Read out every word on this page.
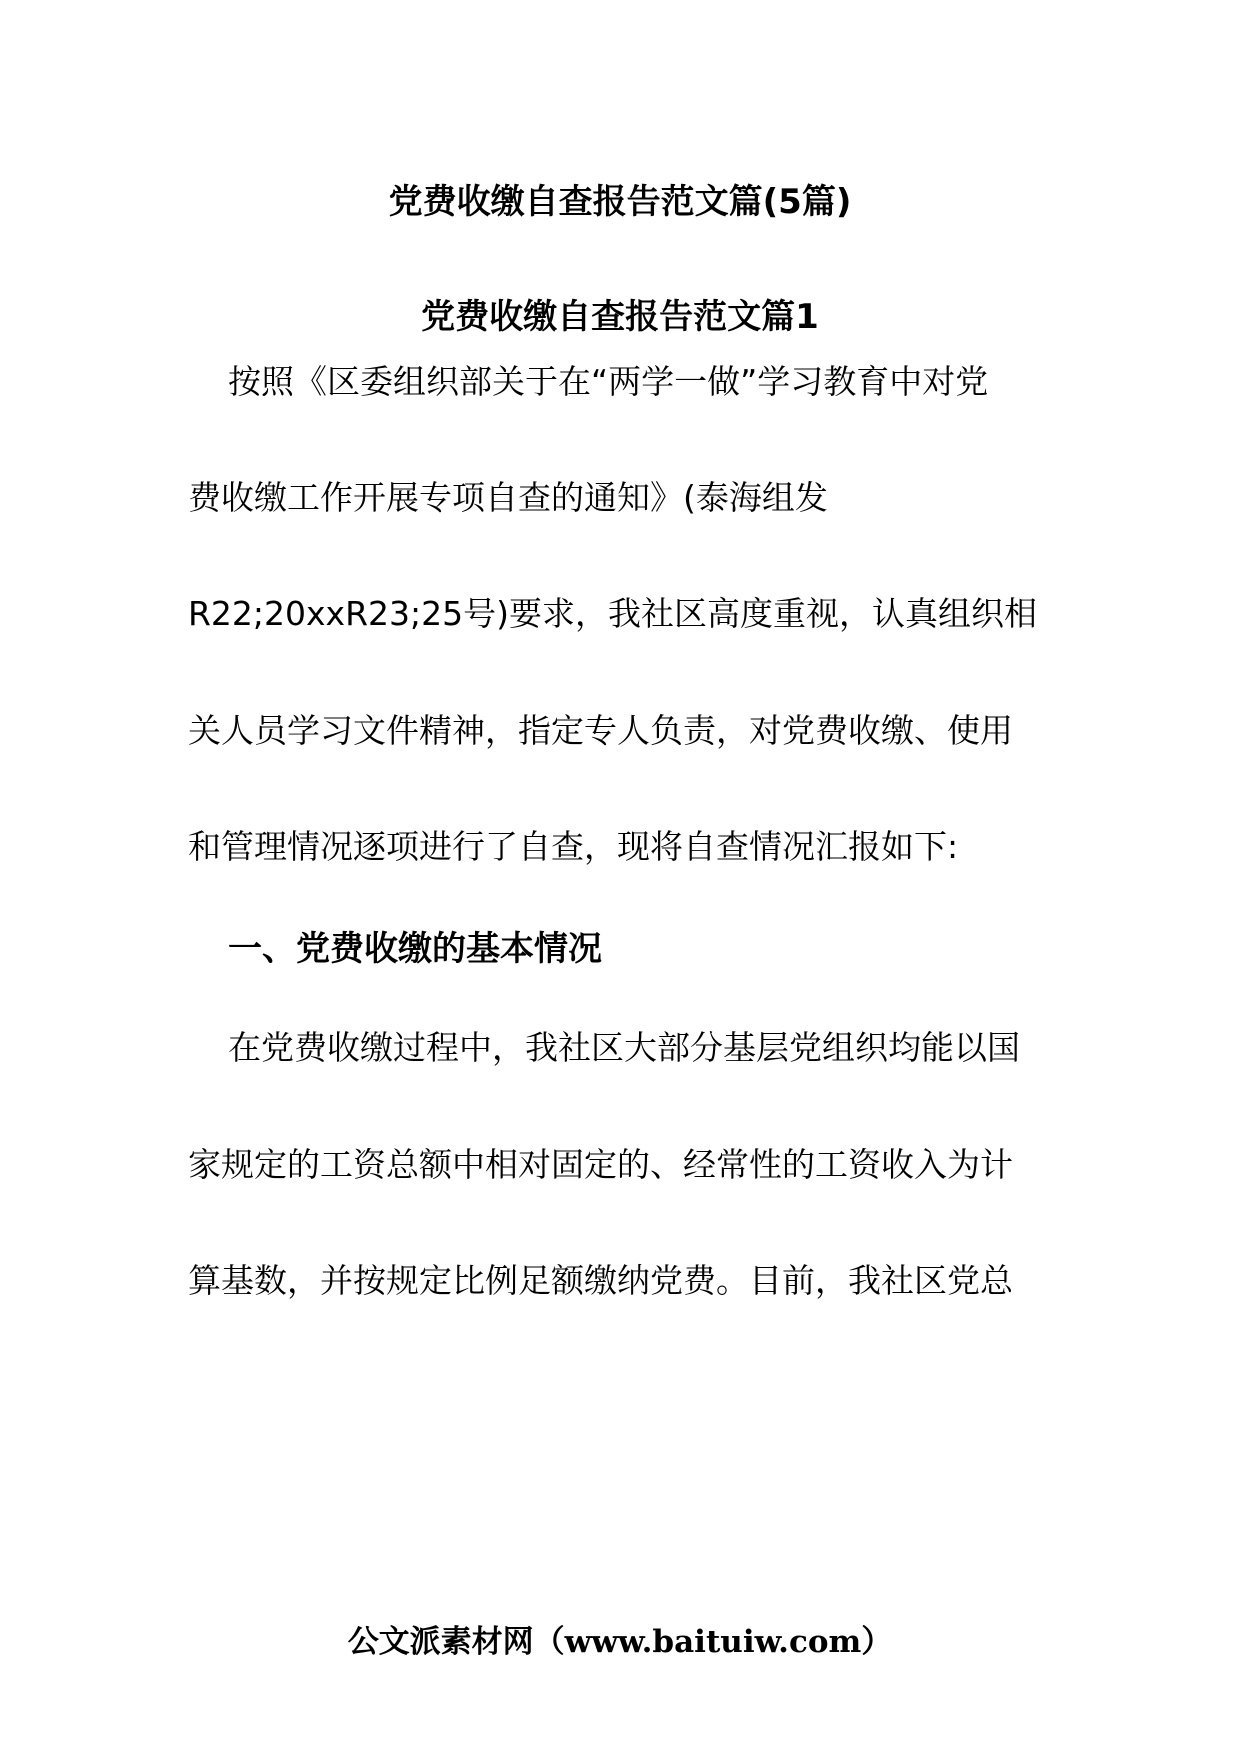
党费收缴自查报告范文篇(5篇)
党费收缴自查报告范文篇1
按照《区委组织部关于在“两学一做”学习教育中对党
费收缴工作开展专项自查的通知》(泰海组发
R22;20xxR23;25号)要求，我社区高度重视，认真组织相
关人员学习文件精神，指定专人负责，对党费收缴、使用
和管理情况逐项进行了自查，现将自查情况汇报如下:
一、党费收缴的基本情况
在党费收缴过程中，我社区大部分基层党组织均能以国
家规定的工资总额中相对固定的、经常性的工资收入为计
算基数，并按规定比例足额缴纳党费。目前，我社区党总
公文派素材网（www.baituiw.com）
